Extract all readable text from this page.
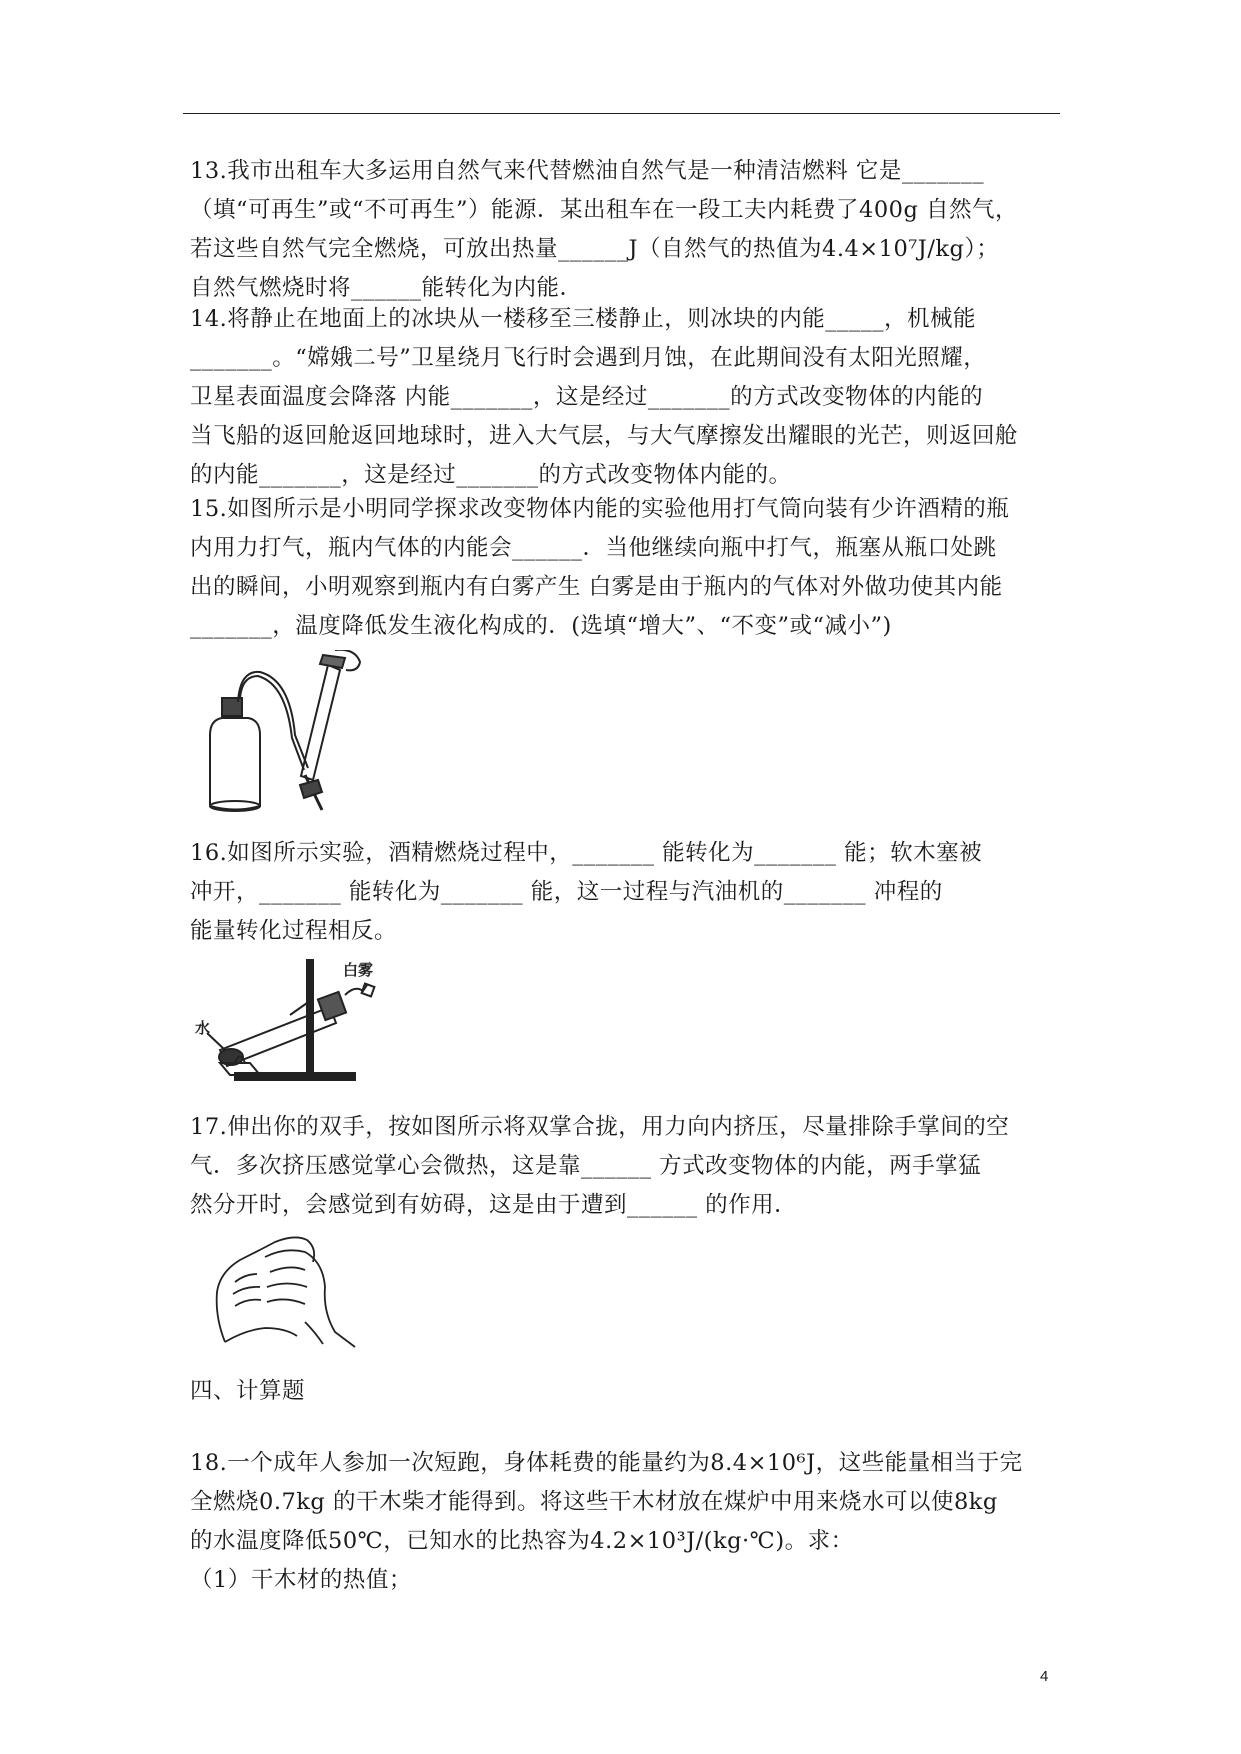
13.我市出租车大多运用自然气来代替燃油自然气是一种清洁燃料 它是_______
（填“可再生”或“不可再生”）能源．某出租车在一段工夫内耗费了400g 自然气，
若这些自然气完全燃烧，可放出热量______J（自然气的热值为4.4×10⁷J/kg）；
自然气燃烧时将______能转化为内能．
14.将静止在地面上的冰块从一楼移至三楼静止，则冰块的内能_____，机械能
_______。“嫦娥二号”卫星绕月飞行时会遇到月蚀，在此期间没有太阳光照耀，
卫星表面温度会降落 内能_______，这是经过_______的方式改变物体的内能的
当飞船的返回舱返回地球时，进入大气层，与大气摩擦发出耀眼的光芒，则返回舱
的内能_______，这是经过_______的方式改变物体内能的。
15.如图所示是小明同学探求改变物体内能的实验他用打气筒向装有少许酒精的瓶
内用力打气，瓶内气体的内能会______．当他继续向瓶中打气，瓶塞从瓶口处跳
出的瞬间，小明观察到瓶内有白雾产生 白雾是由于瓶内的气体对外做功使其内能
_______，温度降低发生液化构成的．(选填“增大”、“不变”或“减小”)
16.如图所示实验，酒精燃烧过程中，_______ 能转化为_______ 能；软木塞被
冲开，_______ 能转化为_______ 能，这一过程与汽油机的_______ 冲程的
能量转化过程相反。
白雾
水
17.伸出你的双手，按如图所示将双掌合拢，用力向内挤压，尽量排除手掌间的空
气．多次挤压感觉掌心会微热，这是靠______ 方式改变物体的内能，两手掌猛
然分开时，会感觉到有妨碍，这是由于遭到______ 的作用．
四、计算题
18.一个成年人参加一次短跑，身体耗费的能量约为8.4×10⁶J，这些能量相当于完
全燃烧0.7kg 的干木柴才能得到。将这些干木材放在煤炉中用来烧水可以使8kg
的水温度降低50℃，已知水的比热容为4.2×10³J/(kg·℃)。求：
（1）干木材的热值；
4
